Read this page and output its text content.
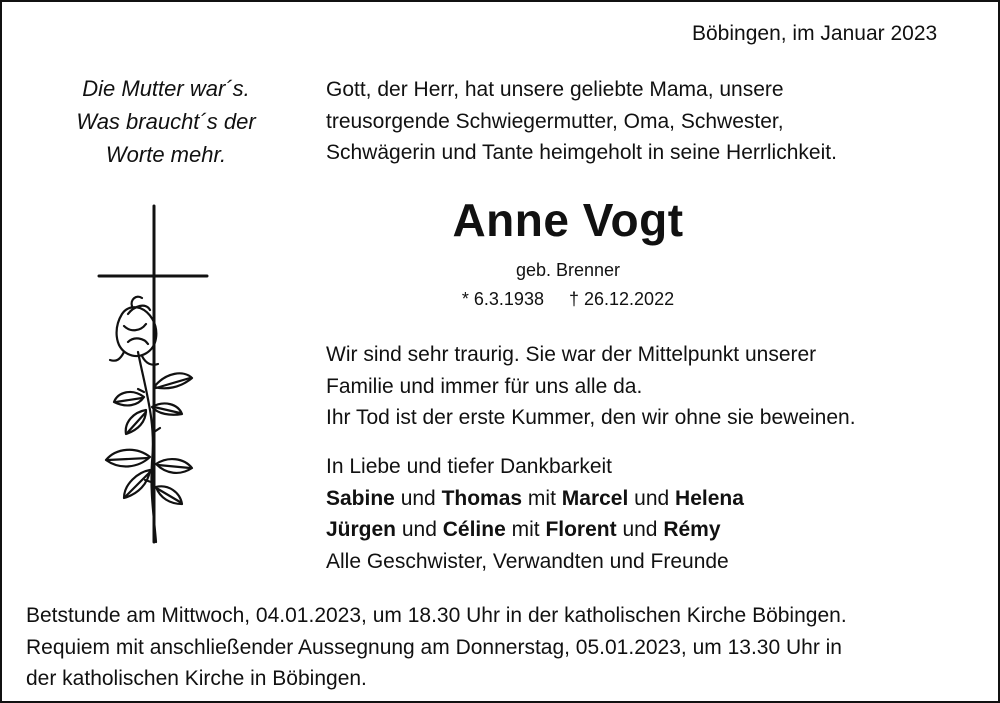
Böbingen, im Januar 2023
Die Mutter war´s.
Was braucht´s der
Worte mehr.
Gott, der Herr, hat unsere geliebte Mama, unsere
treusorgende Schwiegermutter, Oma, Schwester,
Schwägerin und Tante heimgeholt in seine Herrlichkeit.
Anne Vogt
geb. Brenner
* 6.3.1938 † 26.12.2022
Wir sind sehr traurig. Sie war der Mittelpunkt unserer
Familie und immer für uns alle da.
Ihr Tod ist der erste Kummer, den wir ohne sie beweinen.
In Liebe und tiefer Dankbarkeit
Sabine und Thomas mit Marcel und Helena
Jürgen und Céline mit Florent und Rémy
Alle Geschwister, Verwandten und Freunde
Betstunde am Mittwoch, 04.01.2023, um 18.30 Uhr in der katholischen Kirche Böbingen.
Requiem mit anschließender Aussegnung am Donnerstag, 05.01.2023, um 13.30 Uhr in
der katholischen Kirche in Böbingen.
